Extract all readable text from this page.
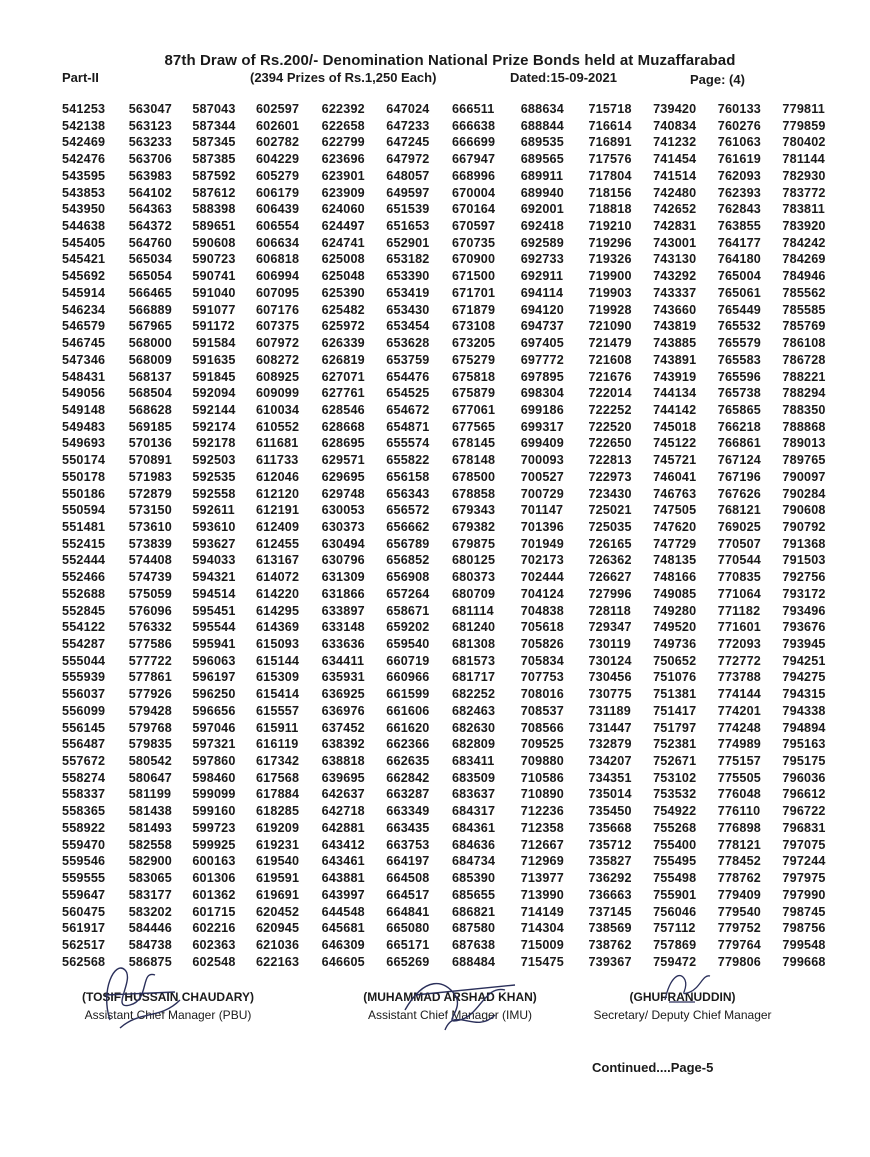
87th Draw of Rs.200/- Denomination National Prize Bonds held at Muzaffarabad
Part-II	(2394 Prizes of Rs.1,250 Each)	Dated:15-09-2021	Page: (4)
541253	563047	587043	602597	622392	647024	666511	688634	715718	739420	760133	779811
542138	563123	587344	602601	622658	647233	666638	688844	716614	740834	760276	779859
542469	563233	587345	602782	622799	647245	666699	689535	716891	741232	761063	780402
542476	563706	587385	604229	623696	647972	667947	689565	717576	741454	761619	781144
543595	563983	587592	605279	623901	648057	668996	689911	717804	741514	762093	782930
543853	564102	587612	606179	623909	649597	670004	689940	718156	742480	762393	783772
543950	564363	588398	606439	624060	651539	670164	692001	718818	742652	762843	783811
544638	564372	589651	606554	624497	651653	670597	692418	719210	742831	763855	783920
545405	564760	590608	606634	624741	652901	670735	692589	719296	743001	764177	784242
545421	565034	590723	606818	625008	653182	670900	692733	719326	743130	764180	784269
545692	565054	590741	606994	625048	653390	671500	692911	719900	743292	765004	784946
545914	566465	591040	607095	625390	653419	671701	694114	719903	743337	765061	785562
546234	566889	591077	607176	625482	653430	671879	694120	719928	743660	765449	785585
546579	567965	591172	607375	625972	653454	673108	694737	721090	743819	765532	785769
546745	568000	591584	607972	626339	653628	673205	697405	721479	743885	765579	786108
547346	568009	591635	608272	626819	653759	675279	697772	721608	743891	765583	786728
548431	568137	591845	608925	627071	654476	675818	697895	721676	743919	765596	788221
549056	568504	592094	609099	627761	654525	675879	698304	722014	744134	765738	788294
549148	568628	592144	610034	628546	654672	677061	699186	722252	744142	765865	788350
549483	569185	592174	610552	628668	654871	677565	699317	722520	745018	766218	788868
549693	570136	592178	611681	628695	655574	678145	699409	722650	745122	766861	789013
550174	570891	592503	611733	629571	655822	678148	700093	722813	745721	767124	789765
550178	571983	592535	612046	629695	656158	678500	700527	722973	746041	767196	790097
550186	572879	592558	612120	629748	656343	678858	700729	723430	746763	767626	790284
550594	573150	592611	612191	630053	656572	679343	701147	725021	747505	768121	790608
551481	573610	593610	612409	630373	656662	679382	701396	725035	747620	769025	790792
552415	573839	593627	612455	630494	656789	679875	701949	726165	747729	770507	791368
552444	574408	594033	613167	630796	656852	680125	702173	726362	748135	770544	791503
552466	574739	594321	614072	631309	656908	680373	702444	726627	748166	770835	792756
552688	575059	594514	614220	631866	657264	680709	704124	727996	749085	771064	793172
552845	576096	595451	614295	633897	658671	681114	704838	728118	749280	771182	793496
554122	576332	595544	614369	633148	659202	681240	705618	729347	749520	771601	793676
554287	577586	595941	615093	633636	659540	681308	705826	730119	749736	772093	793945
555044	577722	596063	615144	634411	660719	681573	705834	730124	750652	772772	794251
555939	577861	596197	615309	635931	660966	681717	707753	730456	751076	773788	794275
556037	577926	596250	615414	636925	661599	682252	708016	730775	751381	774144	794315
556099	579428	596656	615557	636976	661606	682463	708537	731189	751417	774201	794338
556145	579768	597046	615911	637452	661620	682630	708566	731447	751797	774248	794894
556487	579835	597321	616119	638392	662366	682809	709525	732879	752381	774989	795163
557672	580542	597860	617342	638818	662635	683411	709880	734207	752671	775157	795175
558274	580647	598460	617568	639695	662842	683509	710586	734351	753102	775505	796036
558337	581199	599099	617884	642637	663287	683637	710890	735014	753532	776048	796612
558365	581438	599160	618285	642718	663349	684317	712236	735450	754922	776110	796722
558922	581493	599723	619209	642881	663435	684361	712358	735668	755268	776898	796831
559470	582558	599925	619231	643412	663753	684636	712667	735712	755400	778121	797075
559546	582900	600163	619540	643461	664197	684734	712969	735827	755495	778452	797244
559555	583065	601306	619591	643881	664508	685390	713977	736292	755498	778762	797975
559647	583177	601362	619691	643997	664517	685655	713990	736663	755901	779409	797990
560475	583202	601715	620452	644548	664841	686821	714149	737145	756046	779540	798745
561917	584446	602216	620945	645681	665080	687580	714304	738569	757112	779752	798756
562517	584738	602363	621036	646309	665171	687638	715009	738762	757869	779764	799548
562568	586875	602548	622163	646605	665269	688484	715475	739367	759472	779806	799668
(TOSIF HUSSAIN CHAUDARY)
Assistant Chief Manager (PBU)
(MUHAMMAD ARSHAD KHAN)
Assistant Chief Manager (IMU)
(GHUFRANUDDIN)
Secretary/ Deputy Chief Manager
Continued....Page-5
